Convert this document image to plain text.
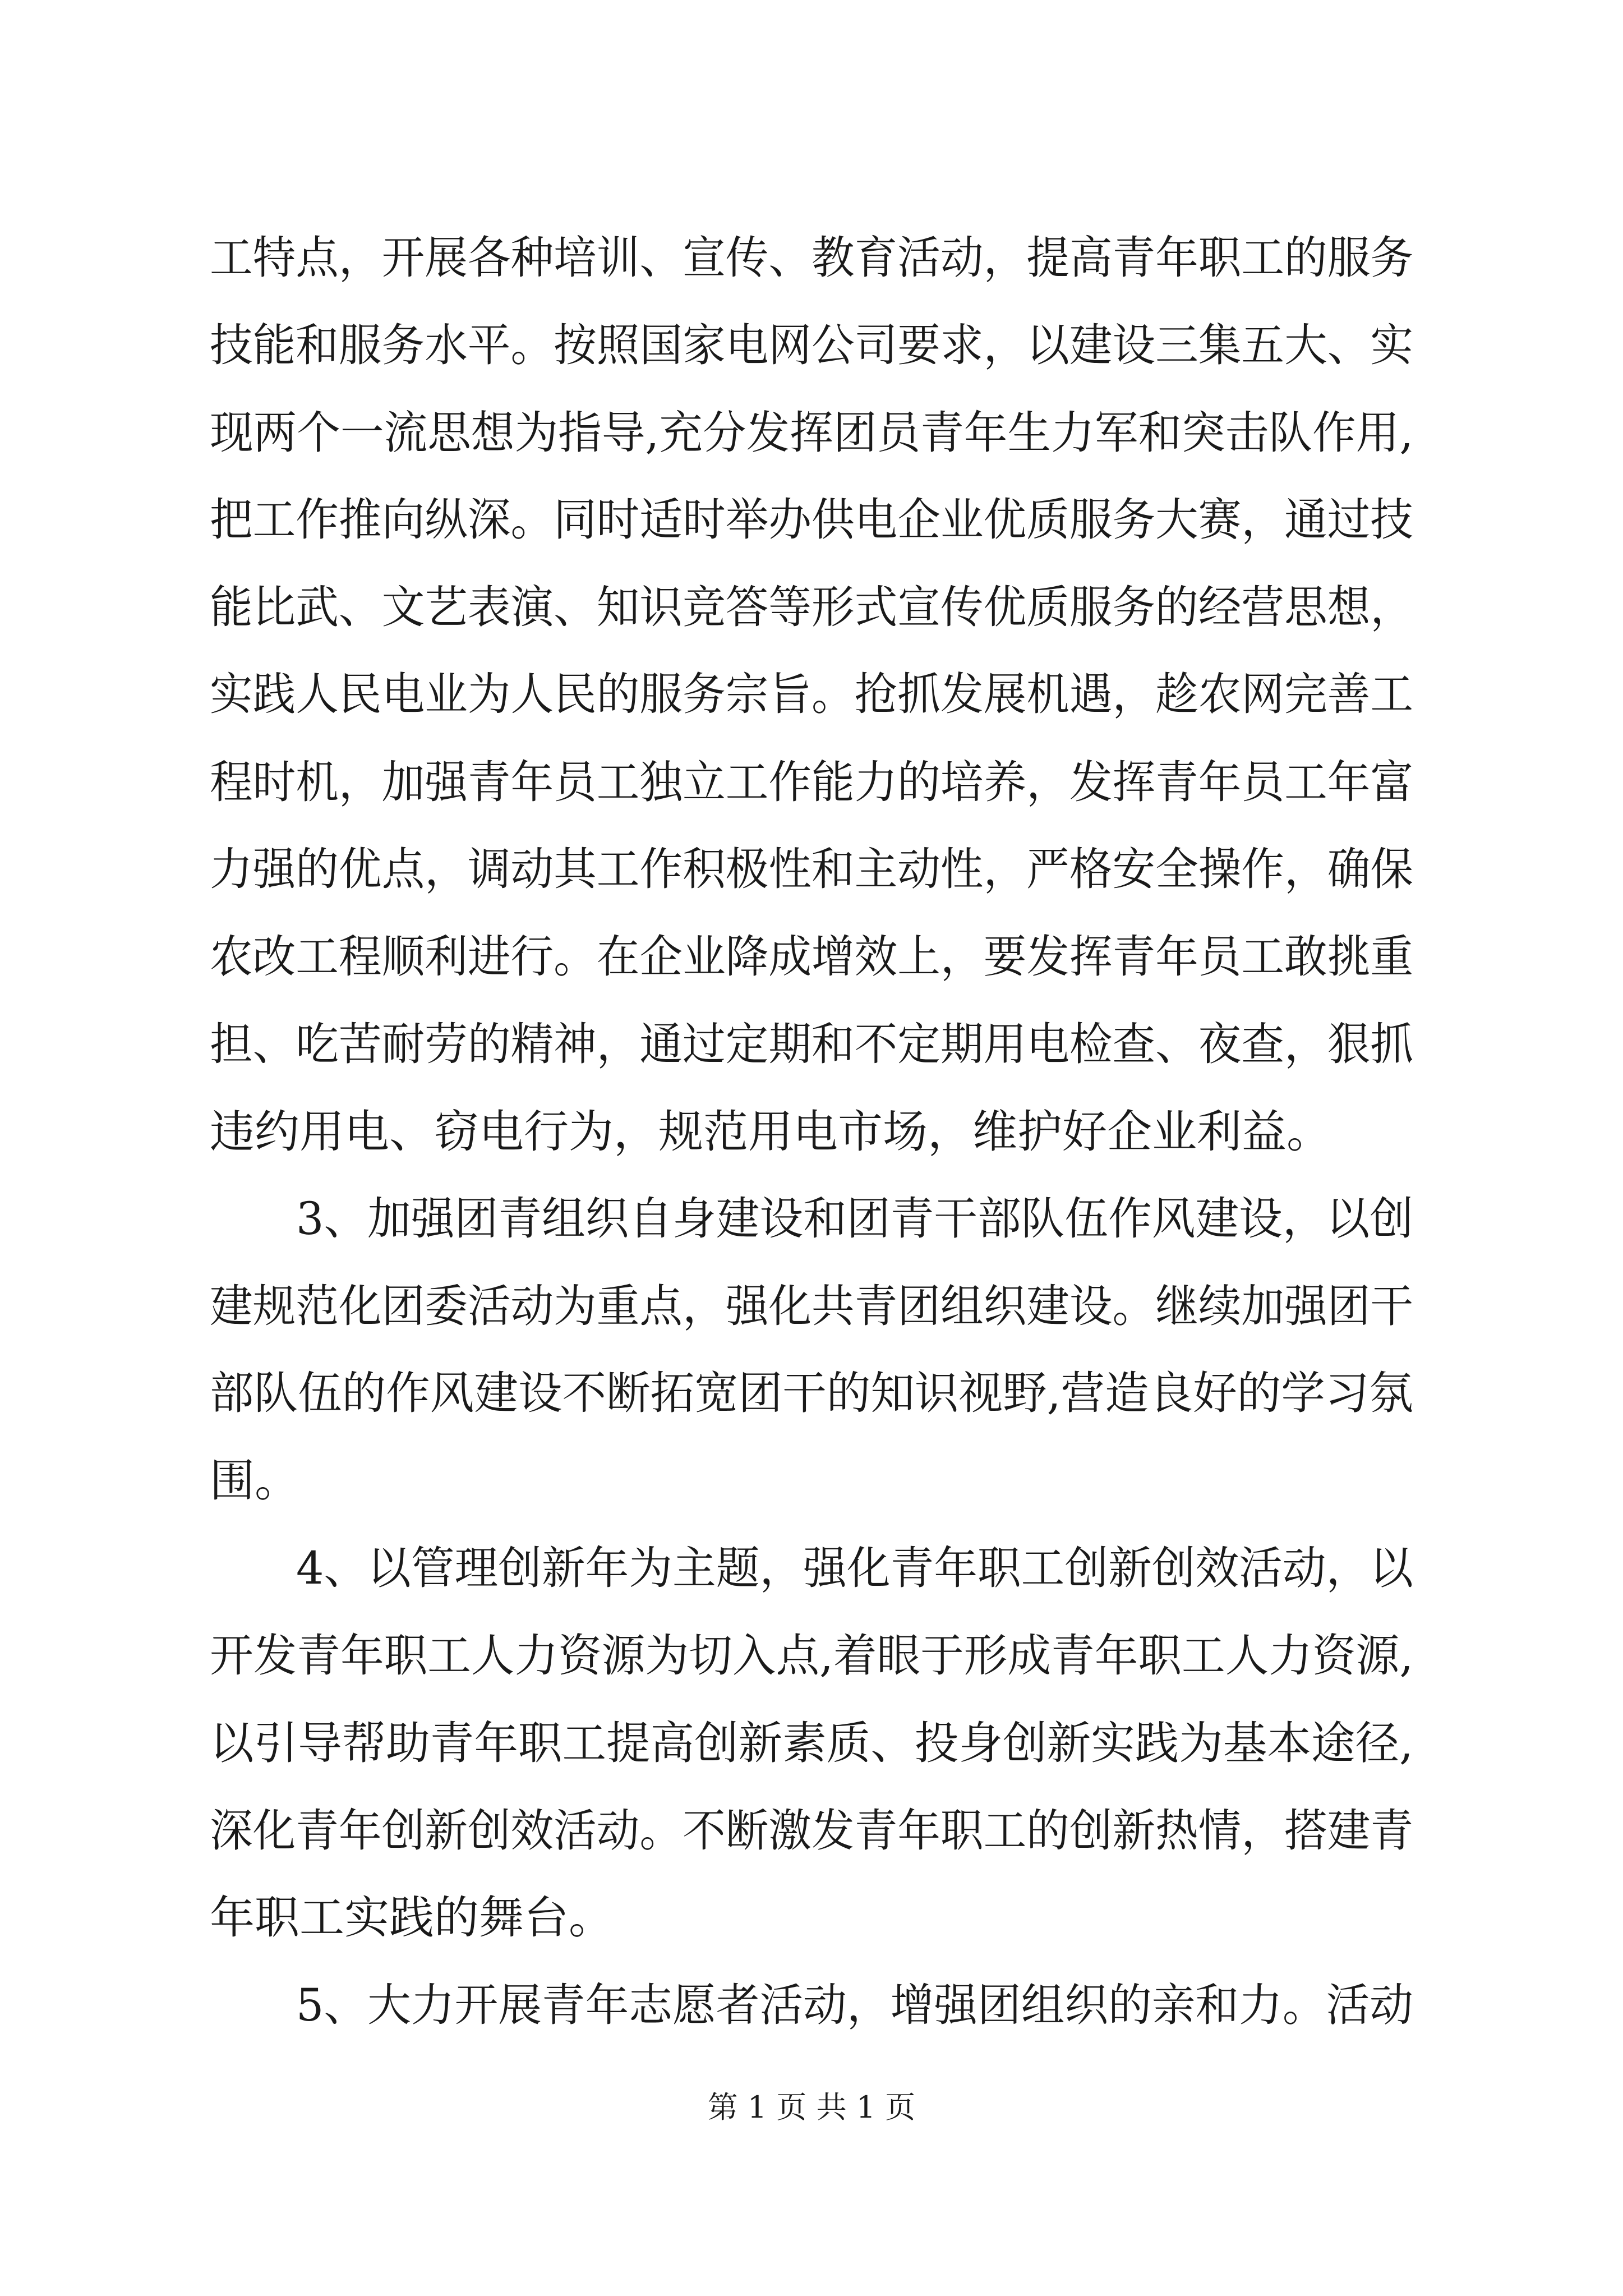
工特点，开展各种培训、宣传、教育活动，提高青年职工的服务
技能和服务水平。按照国家电网公司要求，以建设三集五大、实
现两个一流思想为指导,充分发挥团员青年生力军和突击队作用,
把工作推向纵深。同时适时举办供电企业优质服务大赛，通过技
能比武、文艺表演、知识竞答等形式宣传优质服务的经营思想，
实践人民电业为人民的服务宗旨。抢抓发展机遇，趁农网完善工
程时机，加强青年员工独立工作能力的培养，发挥青年员工年富
力强的优点，调动其工作积极性和主动性，严格安全操作，确保
农改工程顺利进行。在企业降成增效上，要发挥青年员工敢挑重
担、吃苦耐劳的精神，通过定期和不定期用电检查、夜查，狠抓
违约用电、窃电行为，规范用电市场，维护好企业利益。
3、加强团青组织自身建设和团青干部队伍作风建设，以创
建规范化团委活动为重点，强化共青团组织建设。继续加强团干
部队伍的作风建设不断拓宽团干的知识视野,营造良好的学习氛
围。
4、以管理创新年为主题，强化青年职工创新创效活动，以
开发青年职工人力资源为切入点,着眼于形成青年职工人力资源,
以引导帮助青年职工提高创新素质、投身创新实践为基本途径,
深化青年创新创效活动。不断激发青年职工的创新热情，搭建青
年职工实践的舞台。
5、大力开展青年志愿者活动，增强团组织的亲和力。活动
第 1 页 共 1 页
